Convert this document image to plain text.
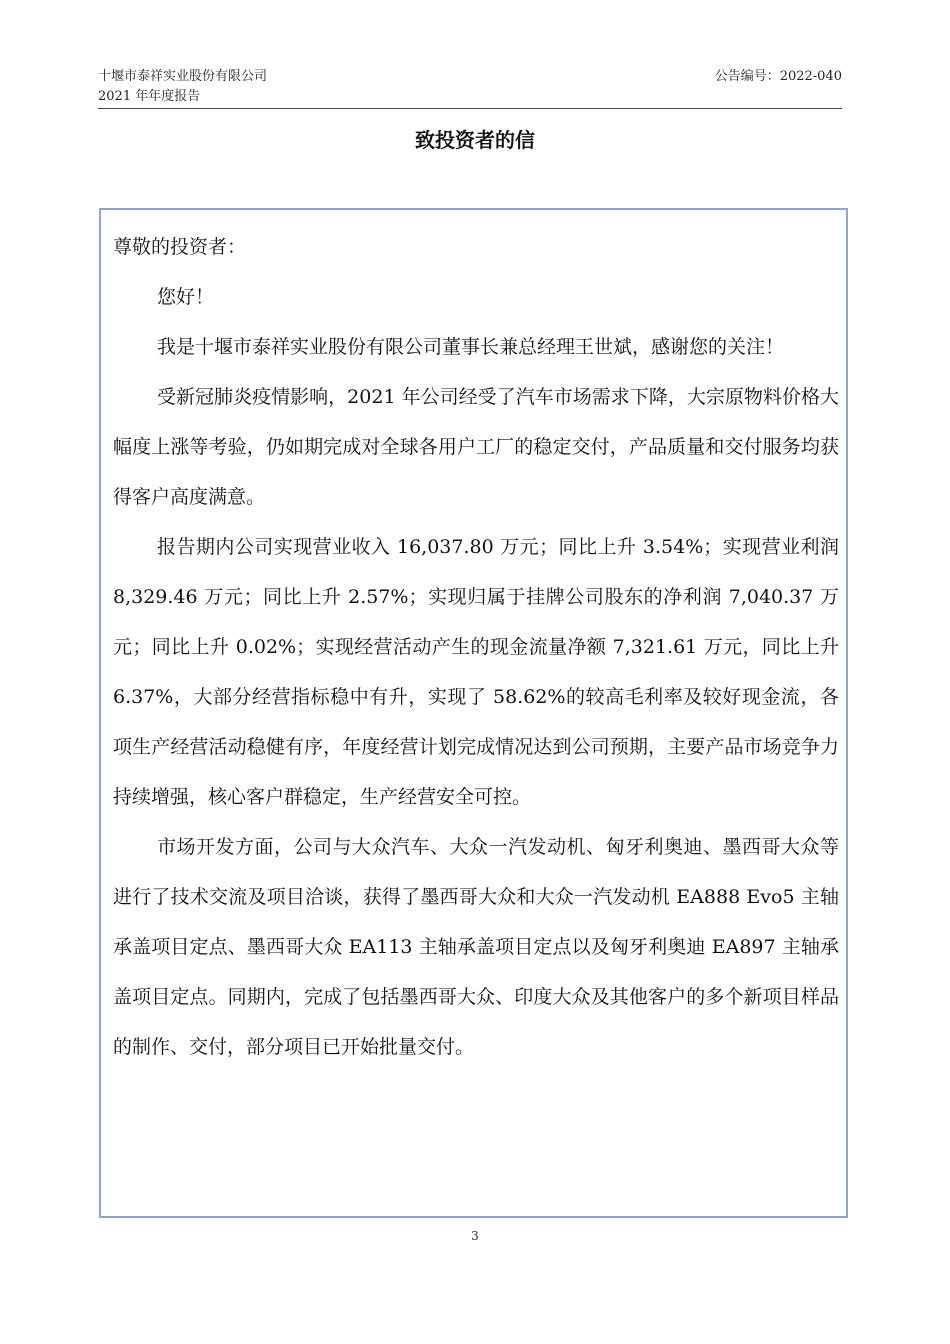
十堰市泰祥实业股份有限公司
2021 年年度报告
公告编号：2022-040
致投资者的信

尊敬的投资者：

您好！

我是十堰市泰祥实业股份有限公司董事长兼总经理王世斌，感谢您的关注！

受新冠肺炎疫情影响，2021 年公司经受了汽车市场需求下降，大宗原物料价格大幅度上涨等考验，仍如期完成对全球各用户工厂的稳定交付，产品质量和交付服务均获得客户高度满意。

报告期内公司实现营业收入 16,037.80 万元；同比上升 3.54%；实现营业利润 8,329.46 万元；同比上升 2.57%；实现归属于挂牌公司股东的净利润 7,040.37 万元；同比上升 0.02%；实现经营活动产生的现金流量净额 7,321.61 万元，同比上升 6.37%，大部分经营指标稳中有升，实现了 58.62%的较高毛利率及较好现金流，各项生产经营活动稳健有序，年度经营计划完成情况达到公司预期，主要产品市场竞争力持续增强，核心客户群稳定，生产经营安全可控。

市场开发方面，公司与大众汽车、大众一汽发动机、匈牙利奥迪、墨西哥大众等进行了技术交流及项目洽谈，获得了墨西哥大众和大众一汽发动机 EA888 Evo5 主轴承盖项目定点、墨西哥大众 EA113 主轴承盖项目定点以及匈牙利奥迪 EA897 主轴承盖项目定点。同期内，完成了包括墨西哥大众、印度大众及其他客户的多个新项目样品的制作、交付，部分项目已开始批量交付。

3
